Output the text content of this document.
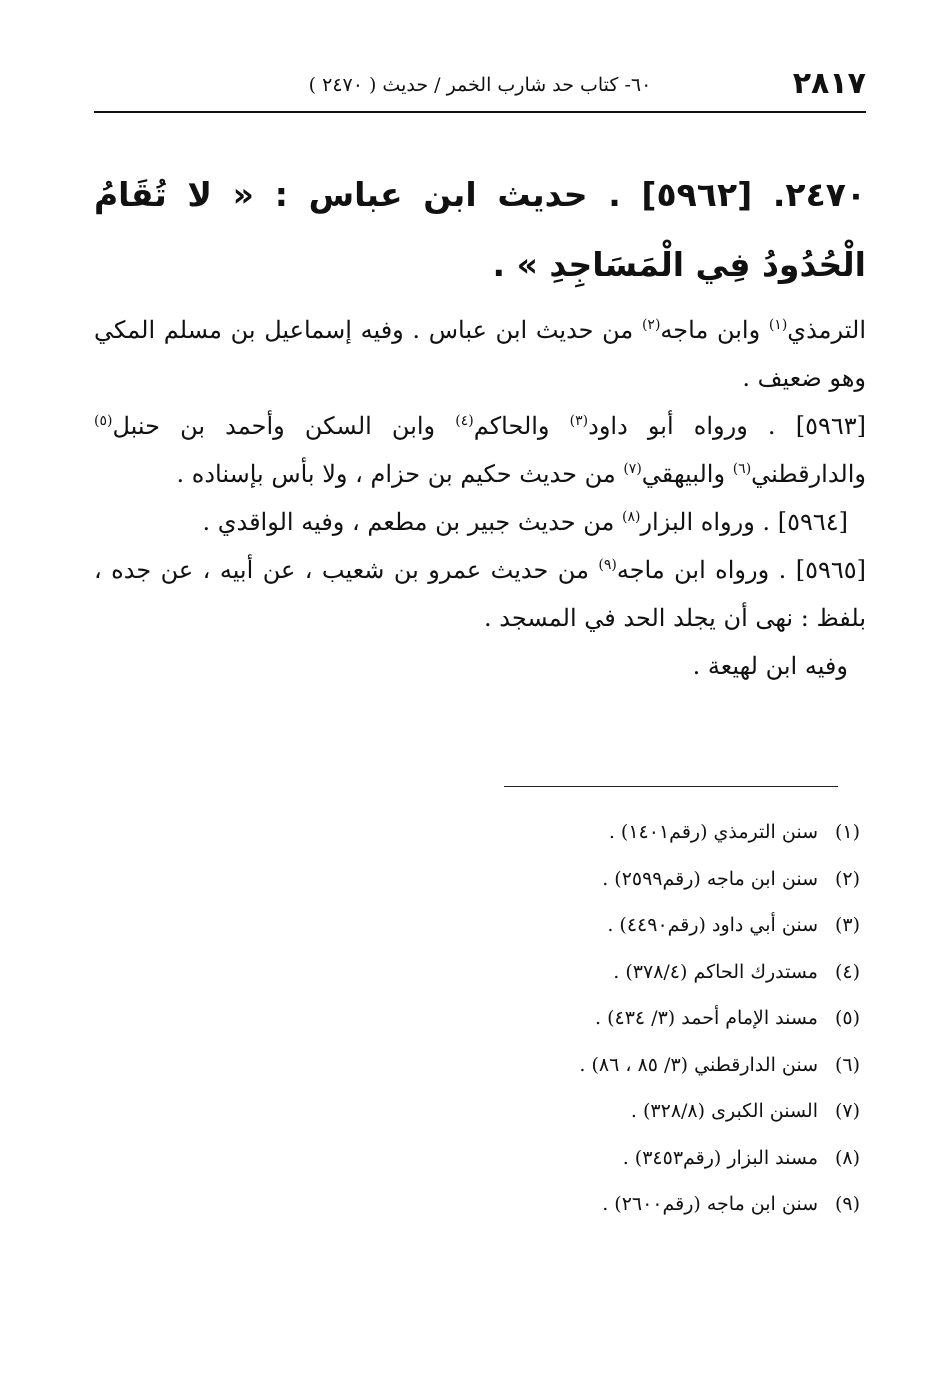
٢٨١٧
٦٠- كتاب حد شارب الخمر / حديث ( ٢٤٧٠ )

٢٤٧٠. [٥٩٦٢] . حديث ابن عباس : « لا تُقَامُ الْحُدُودُ فِي الْمَسَاجِدِ » .

الترمذي$^{(١)}$ وابن ماجه$^{(٢)}$ من حديث ابن عباس . وفيه إسماعيل بن مسلم المكي وهو ضعيف .

[٥٩٦٣] . ورواه أبو داود$^{(٣)}$ والحاكم$^{(٤)}$ وابن السكن وأحمد بن حنبل$^{(٥)}$ والدارقطني$^{(٦)}$ والبيهقي$^{(٧)}$ من حديث حكيم بن حزام ، ولا بأس بإسناده .

[٥٩٦٤] . ورواه البزار$^{(٨)}$ من حديث جبير بن مطعم ، وفيه الواقدي .

[٥٩٦٥] . ورواه ابن ماجه$^{(٩)}$ من حديث عمرو بن شعيب ، عن أبيه ، عن جده ، بلفظ : نهى أن يجلد الحد في المسجد .

وفيه ابن لهيعة .

(١)سنن الترمذي (رقم١٤٠١) .
(٢)سنن ابن ماجه (رقم٢٥٩٩) .
(٣)سنن أبي داود (رقم٤٤٩٠) .
(٤)مستدرك الحاكم (٣٧٨/٤) .
(٥)مسند الإمام أحمد (٣/ ٤٣٤) .
(٦)سنن الدارقطني (٣/ ٨٥ ، ٨٦) .
(٧)السنن الكبرى (٣٢٨/٨) .
(٨)مسند البزار (رقم٣٤٥٣) .
(٩)سنن ابن ماجه (رقم٢٦٠٠) .
